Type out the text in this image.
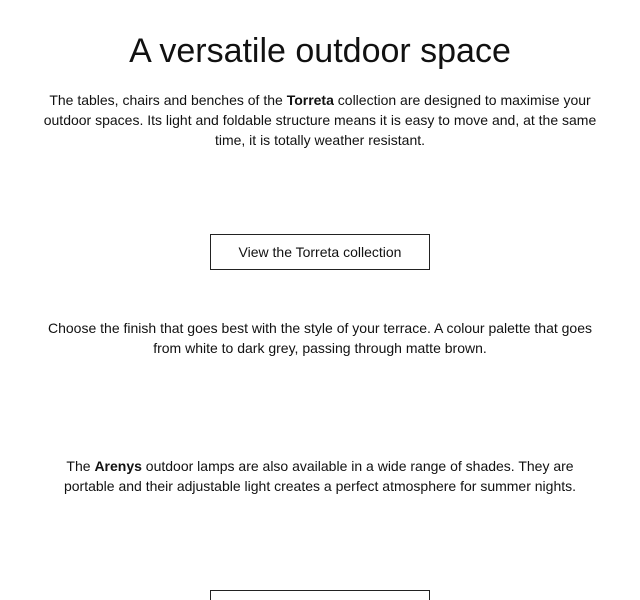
A versatile outdoor space

The tables, chairs and benches of the Torreta collection are designed to maximise your outdoor spaces. Its light and foldable structure means it is easy to move and, at the same time, it is totally weather resistant.

View the Torreta collection

Choose the finish that goes best with the style of your terrace. A colour palette that goes from white to dark grey, passing through matte brown.

The Arenys outdoor lamps are also available in a wide range of shades. They are portable and their adjustable light creates a perfect atmosphere for summer nights.
